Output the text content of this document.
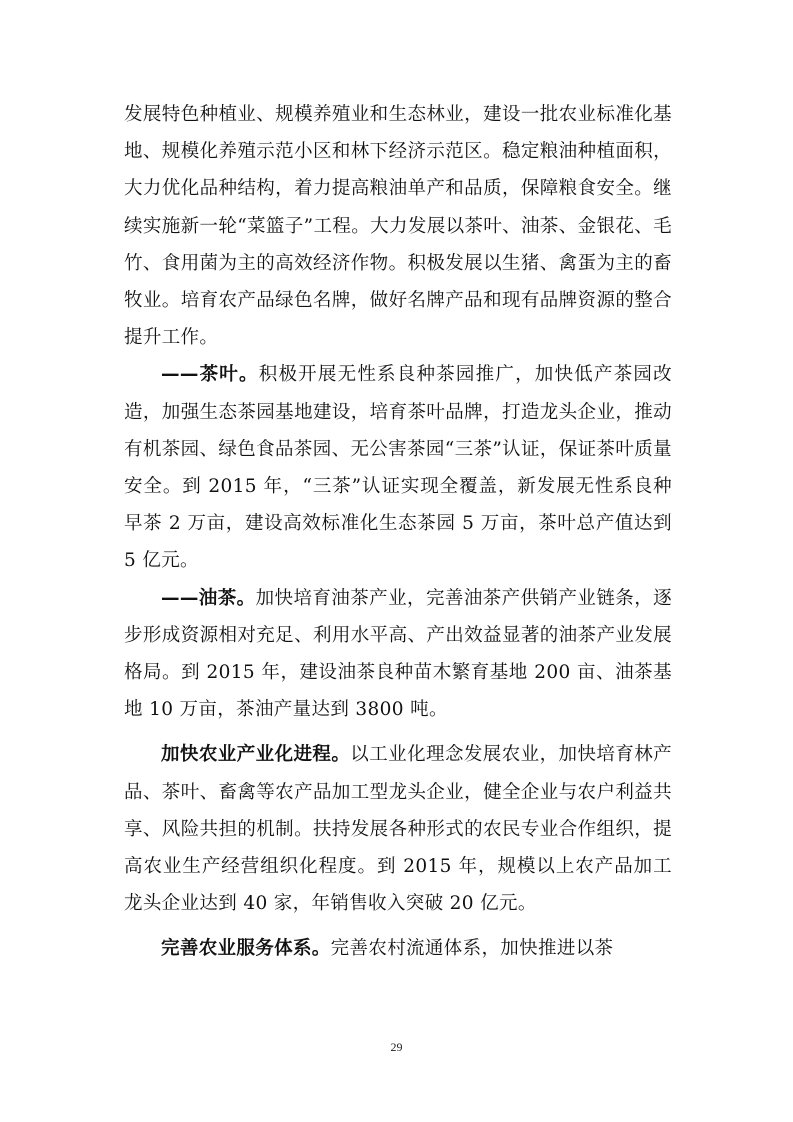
发展特色种植业、规模养殖业和生态林业，建设一批农业标准化基地、规模化养殖示范小区和林下经济示范区。稳定粮油种植面积，大力优化品种结构，着力提高粮油单产和品质，保障粮食安全。继续实施新一轮“菜篮子”工程。大力发展以茶叶、油茶、金银花、毛竹、食用菌为主的高效经济作物。积极发展以生猪、禽蛋为主的畜牧业。培育农产品绿色名牌，做好名牌产品和现有品牌资源的整合提升工作。

——茶叶。积极开展无性系良种茶园推广，加快低产茶园改造，加强生态茶园基地建设，培育茶叶品牌，打造龙头企业，推动有机茶园、绿色食品茶园、无公害茶园“三茶”认证，保证茶叶质量安全。到 2015 年，“三茶”认证实现全覆盖，新发展无性系良种早茶 2 万亩，建设高效标准化生态茶园 5 万亩，茶叶总产值达到 5 亿元。

——油茶。加快培育油茶产业，完善油茶产供销产业链条，逐步形成资源相对充足、利用水平高、产出效益显著的油茶产业发展格局。到 2015 年，建设油茶良种苗木繁育基地 200 亩、油茶基地 10 万亩，茶油产量达到 3800 吨。

加快农业产业化进程。以工业化理念发展农业，加快培育林产品、茶叶、畜禽等农产品加工型龙头企业，健全企业与农户利益共享、风险共担的机制。扶持发展各种形式的农民专业合作组织，提高农业生产经营组织化程度。到 2015 年，规模以上农产品加工龙头企业达到 40 家，年销售收入突破 20 亿元。

完善农业服务体系。完善农村流通体系，加快推进以茶

29
